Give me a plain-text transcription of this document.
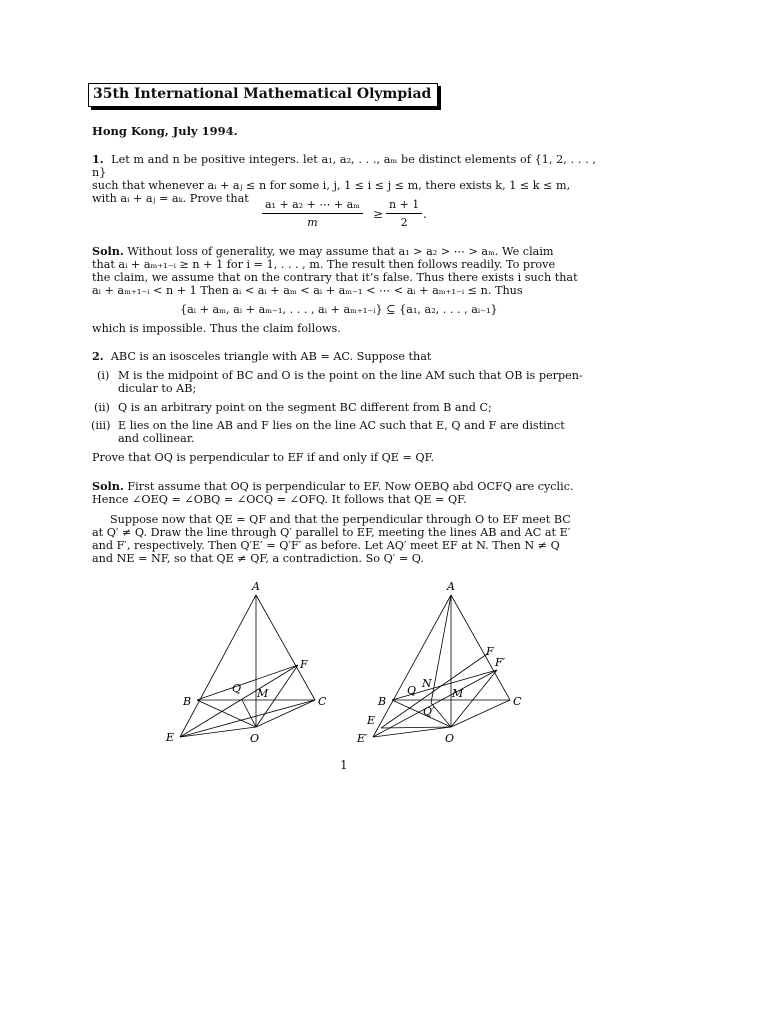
35th International Mathematical Olympiad
Hong Kong, July 1994.

1. Let m and n be positive integers. let a₁, a₂, . . ., aₘ be distinct elements of {1, 2, . . . , n}

such that whenever aᵢ + aⱼ ≤ n for some i, j, 1 ≤ i ≤ j ≤ m, there exists k, 1 ≤ k ≤ m,

with aᵢ + aⱼ = aₖ. Prove that	$\frac{\text{a₁ + a₂ + ⋯ + aₘ}}{m} \ge \frac{n + 1}{2}$ .

Soln. Without loss of generality, we may assume that a₁ > a₂ > ⋯ > aₘ. We claim

that aᵢ + aₘ₊₁₋ᵢ ≥ n + 1 for i = 1, . . . , m. The result then follows readily. To prove

the claim, we assume that on the contrary that it’s false. Thus there exists i such that

aᵢ + aₘ₊₁₋ᵢ < n + 1 Then aᵢ < aᵢ + aₘ < aᵢ + aₘ₋₁ < ⋯ < aᵢ + aₘ₊₁₋ᵢ ≤ n. Thus

{aᵢ + aₘ, aᵢ + aₘ₋₁, . . . , aᵢ + aₘ₊₁₋ᵢ} ⊆ {a₁, a₂, . . . , aᵢ₋₁}
which is impossible. Thus the claim follows.

2. ABC is an isosceles triangle with AB = AC. Suppose that

(i) M is the midpoint of BC and O is the point on the line AM such that OB is perpen-
dicular to AB;
(ii) Q is an arbitrary point on the segment BC different from B and C;
(iii) E lies on the line AB and F lies on the line AC such that E, Q and F are distinct
and collinear.
Prove that OQ is perpendicular to EF if and only if QE = QF.

Soln. First assume that OQ is perpendicular to EF. Now OEBQ abd OCFQ are cyclic.

Hence ∠OEQ = ∠OBQ = ∠OCQ = ∠OFQ. It follows that QE = QF.

Suppose now that QE = QF and that the perpendicular through O to EF meet BC

at Q′ ≠ Q. Draw the line through Q′ parallel to EF, meeting the lines AB and AC at E′

and F′, respectively. Then Q′E′ = Q′F′ as before. Let AQ′ meet EF at N. Then N ≠ Q

and NE = NF, so that QE ≠ QF, a contradiction. So Q′ = Q.

A
B	C
E
F
M
O
Q
A
B	C
E
E′
F
F′
M
O
Q
Q′
N
1
